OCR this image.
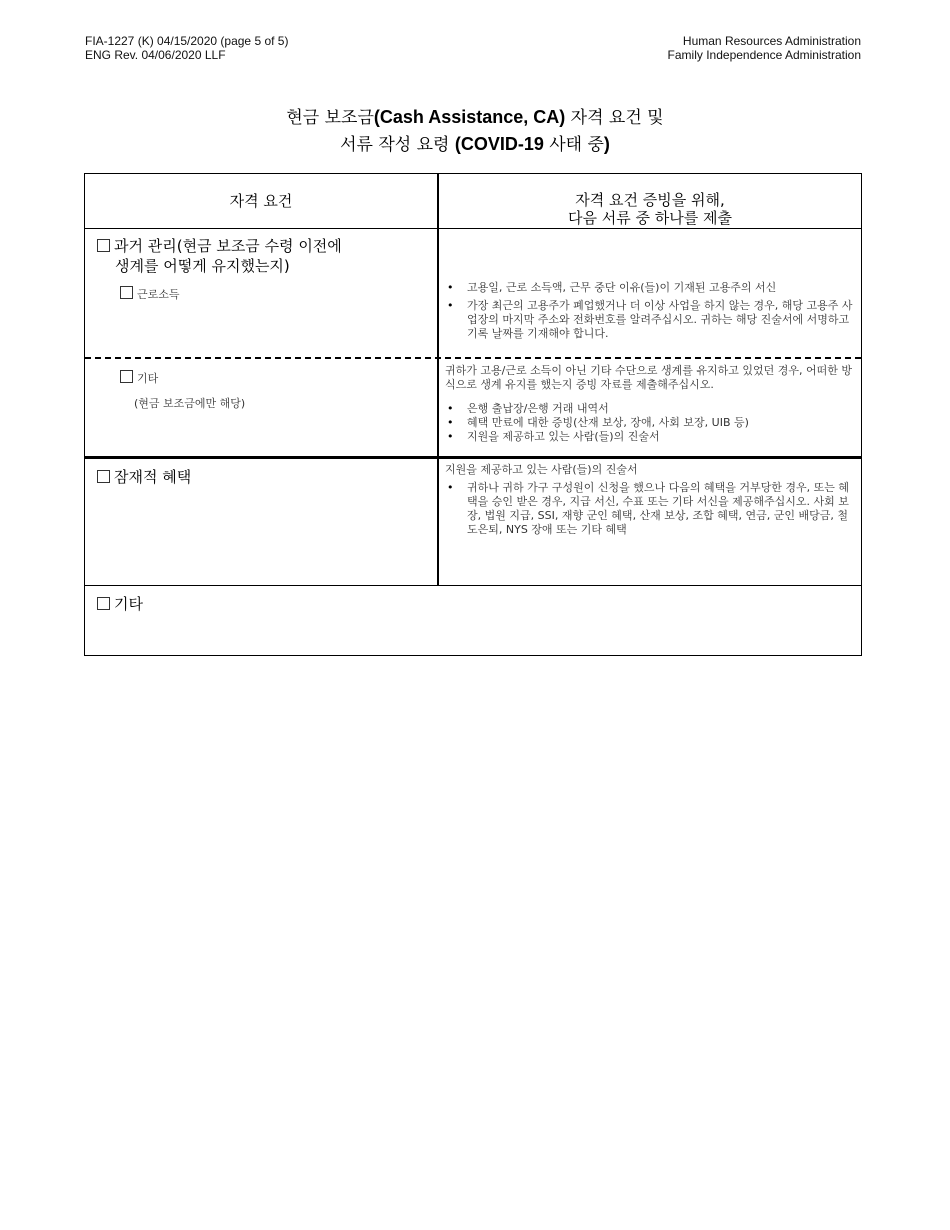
FIA-1227 (K) 04/15/2020 (page 5 of 5)
ENG Rev. 04/06/2020 LLF
Human Resources Administration
Family Independence Administration
현금 보조금(Cash Assistance, CA) 자격 요건 및
서류 작성 요령 (COVID-19 사태 중)
자격 요건	자격 요건 증빙을 위해,
다음 서류 중 하나를 제출
과거 관리(현금 보조금 수령 이전에
생계를 어떻게 유지했는지)
근로소득
• 고용일, 근로 소득액, 근무 중단 이유(들)이 기재된 고용주의 서신
• 가장 최근의 고용주가 폐업했거나 더 이상 사업을 하지 않는 경우, 해당 고용주 사업장의 마지막 주소와 전화번호를 알려주십시오. 귀하는 해당 진술서에 서명하고 기록 날짜를 기재해야 합니다.
기타
(현금 보조금에만 해당)
귀하가 고용/근로 소득이 아닌 기타 수단으로 생계를 유지하고 있었던 경우, 어떠한 방식으로 생계 유지를 했는지 증빙 자료를 제출해주십시오.
• 은행 출납장/은행 거래 내역서
• 혜택 만료에 대한 증빙(산재 보상, 장애, 사회 보장, UIB 등)
• 지원을 제공하고 있는 사람(들)의 진술서
잠재적 혜택	지원을 제공하고 있는 사람(들)의 진술서
• 귀하나 귀하 가구 구성원이 신청을 했으나 다음의 혜택을 거부당한 경우, 또는 혜택을 승인 받은 경우, 지급 서신, 수표 또는 기타 서신을 제공해주십시오. 사회 보장, 법원 지급, SSI, 재향 군인 혜택, 산재 보상, 조합 혜택, 연금, 군인 배당금, 철도은퇴, NYS 장애 또는 기타 혜택
기타
